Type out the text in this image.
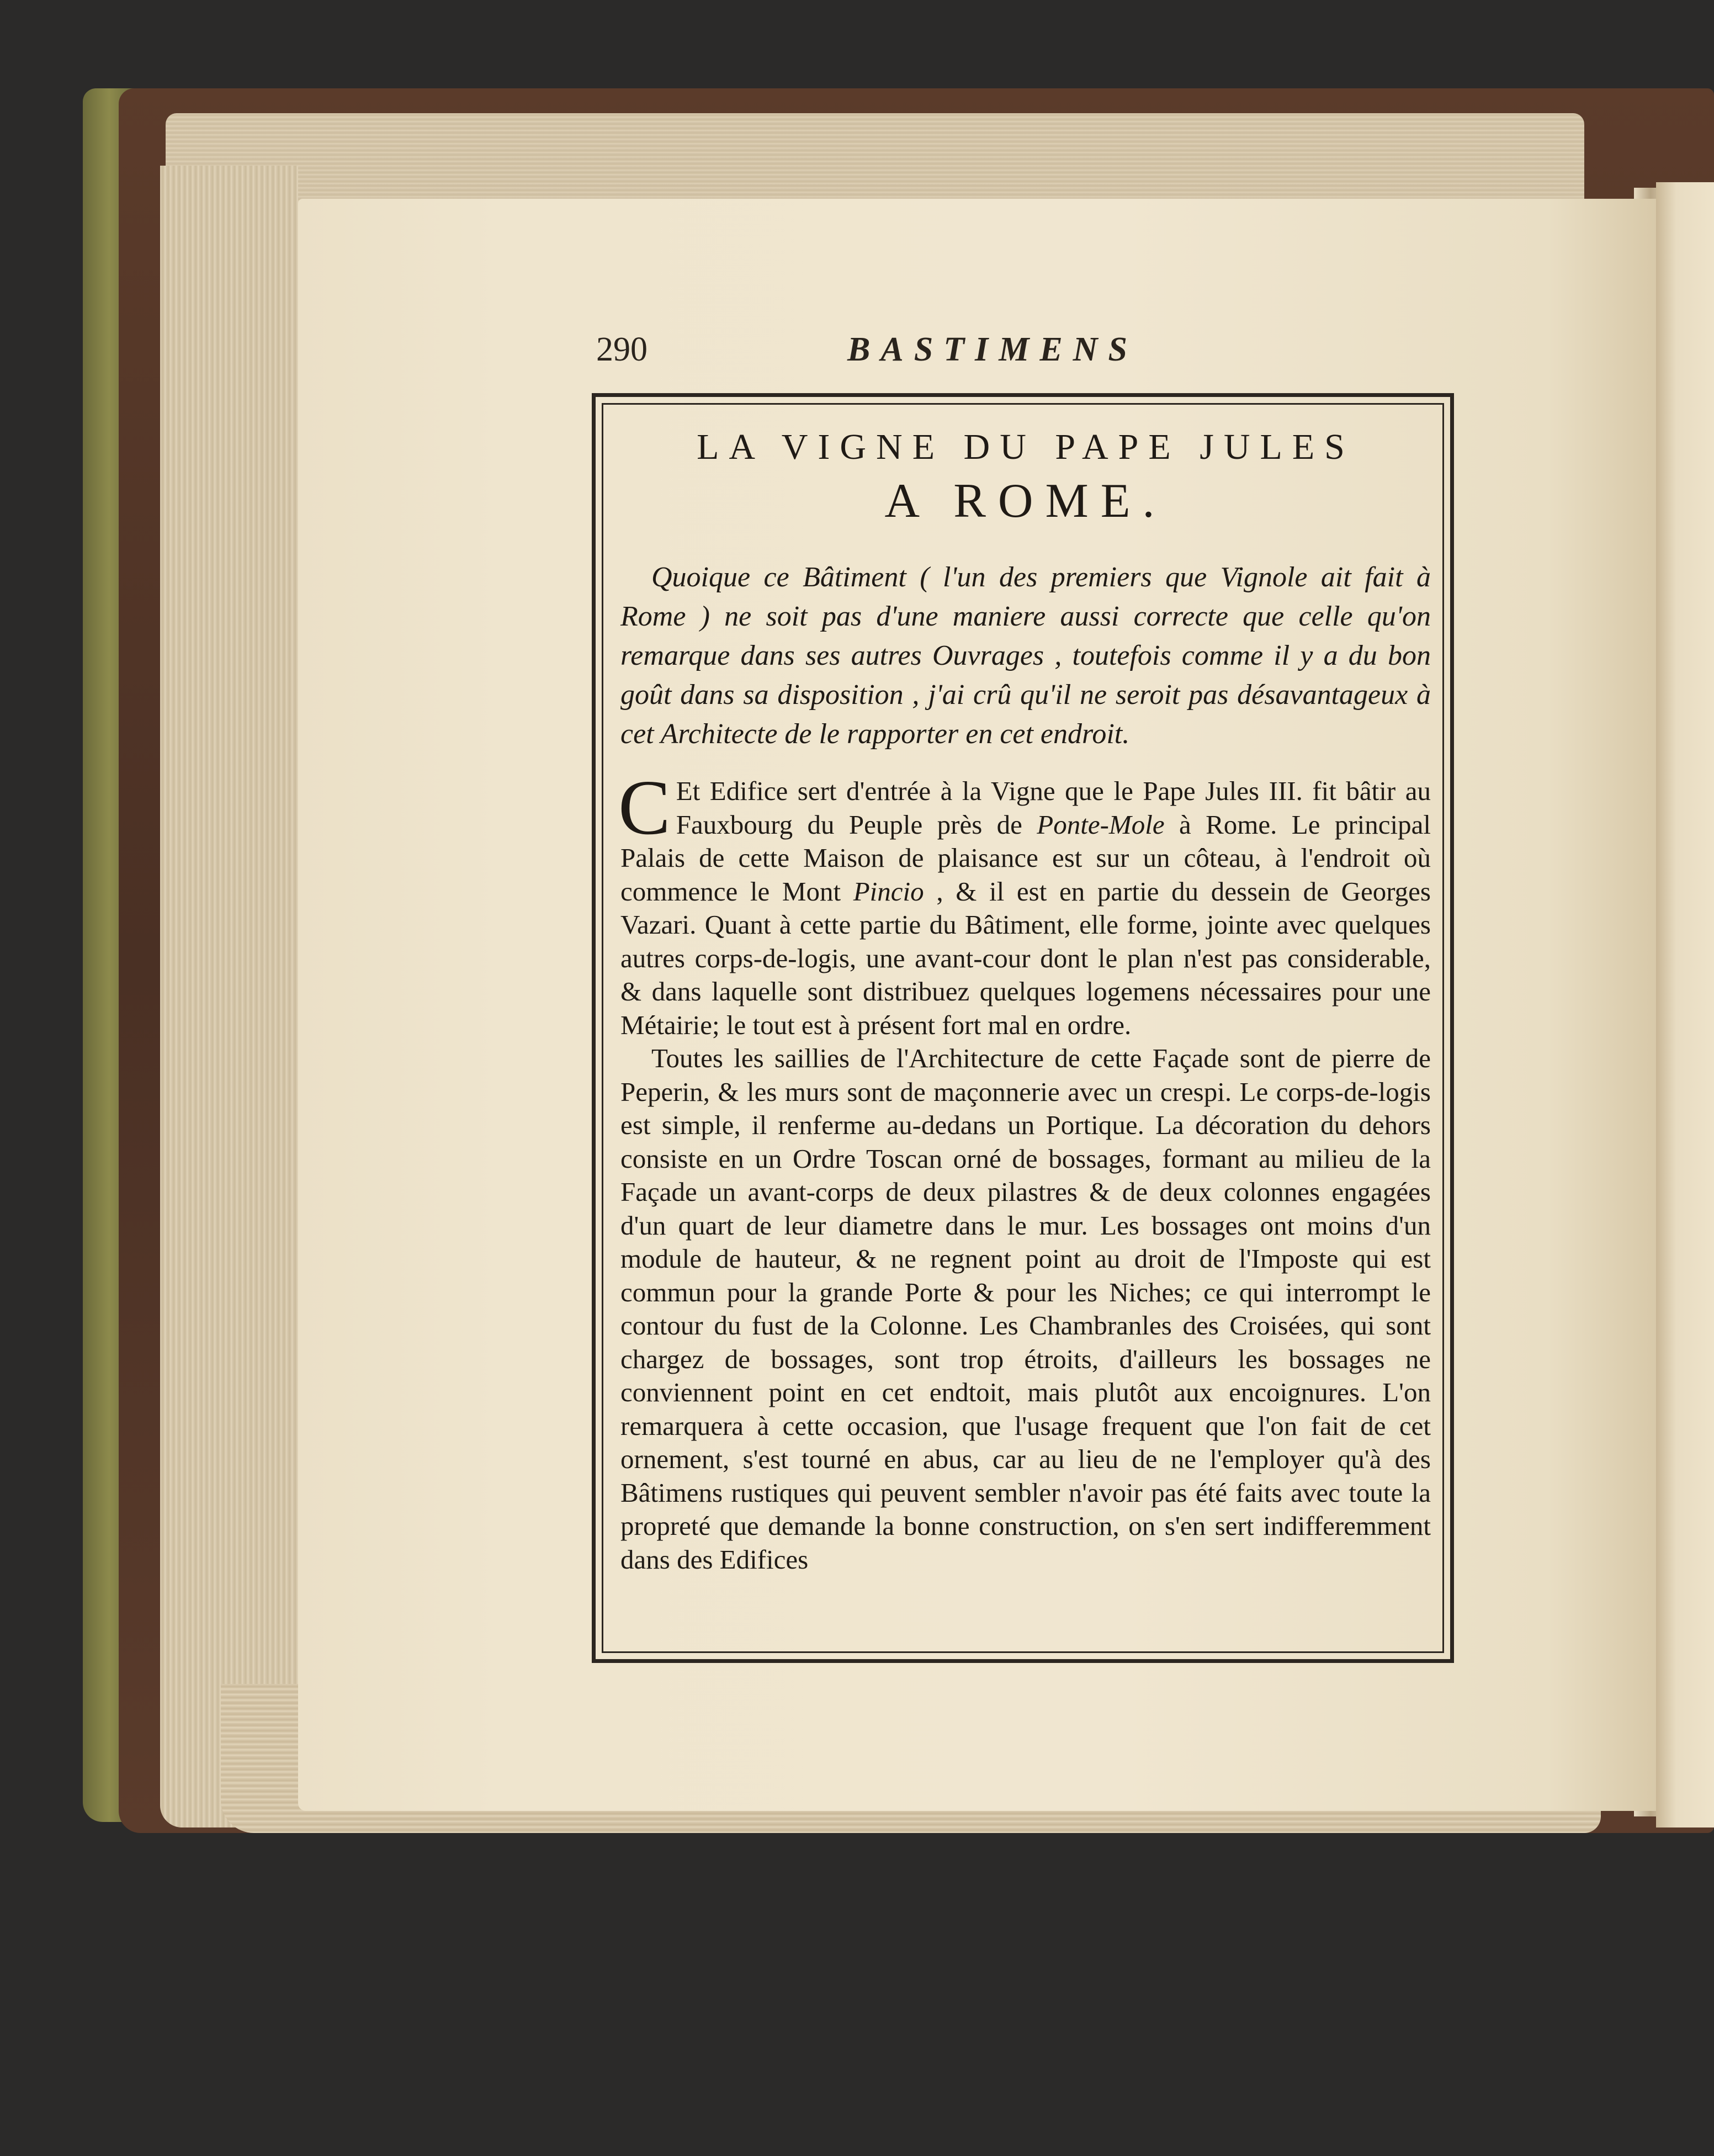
290	BASTIMENS
LA VIGNE DU PAPE JULES
A ROME.

Quoique ce Bâtiment ( l'un des premiers que Vignole ait fait à Rome ) ne soit pas d'une maniere aussi correcte que celle qu'on remarque dans ses autres Ouvrages , toutefois comme il y a du bon goût dans sa disposition , j'ai crû qu'il ne seroit pas désavantageux à cet Architecte de le rapporter en cet endroit.

C Et Edifice sert d'entrée à la Vigne que le Pape Jules III. fit bâtir au Fauxbourg du Peuple près de Ponte-Mole à Rome. Le principal Palais de cette Maison de plaisance est sur un côteau, à l'endroit où commence le Mont Pincio , & il est en partie du dessein de Georges Vazari. Quant à cette partie du Bâtiment, elle forme, jointe avec quelques autres corps-de-logis, une avant-cour dont le plan n'est pas considerable, & dans laquelle sont distribuez quelques logemens nécessaires pour une Métairie; le tout est à présent fort mal en ordre.

Toutes les saillies de l'Architecture de cette Façade sont de pierre de Peperin, & les murs sont de maçonnerie avec un crespi. Le corps-de-logis est simple, il renferme au-dedans un Portique. La décoration du dehors consiste en un Ordre Toscan orné de bossages, formant au milieu de la Façade un avant-corps de deux pilastres & de deux colonnes engagées d'un quart de leur diametre dans le mur. Les bossages ont moins d'un module de hauteur, & ne regnent point au droit de l'Imposte qui est commun pour la grande Porte & pour les Niches; ce qui interrompt le contour du fust de la Colonne. Les Chambranles des Croisées, qui sont chargez de bossages, sont trop étroits, d'ailleurs les bossages ne conviennent point en cet endtoit, mais plutôt aux encoignures. L'on remarquera à cette occasion, que l'usage frequent que l'on fait de cet ornement, s'est tourné en abus, car au lieu de ne l'employer qu'à des Bâtimens rustiques qui peuvent sembler n'avoir pas été faits avec toute la propreté que demande la bonne construction, on s'en sert indifferemment dans des Edifices
